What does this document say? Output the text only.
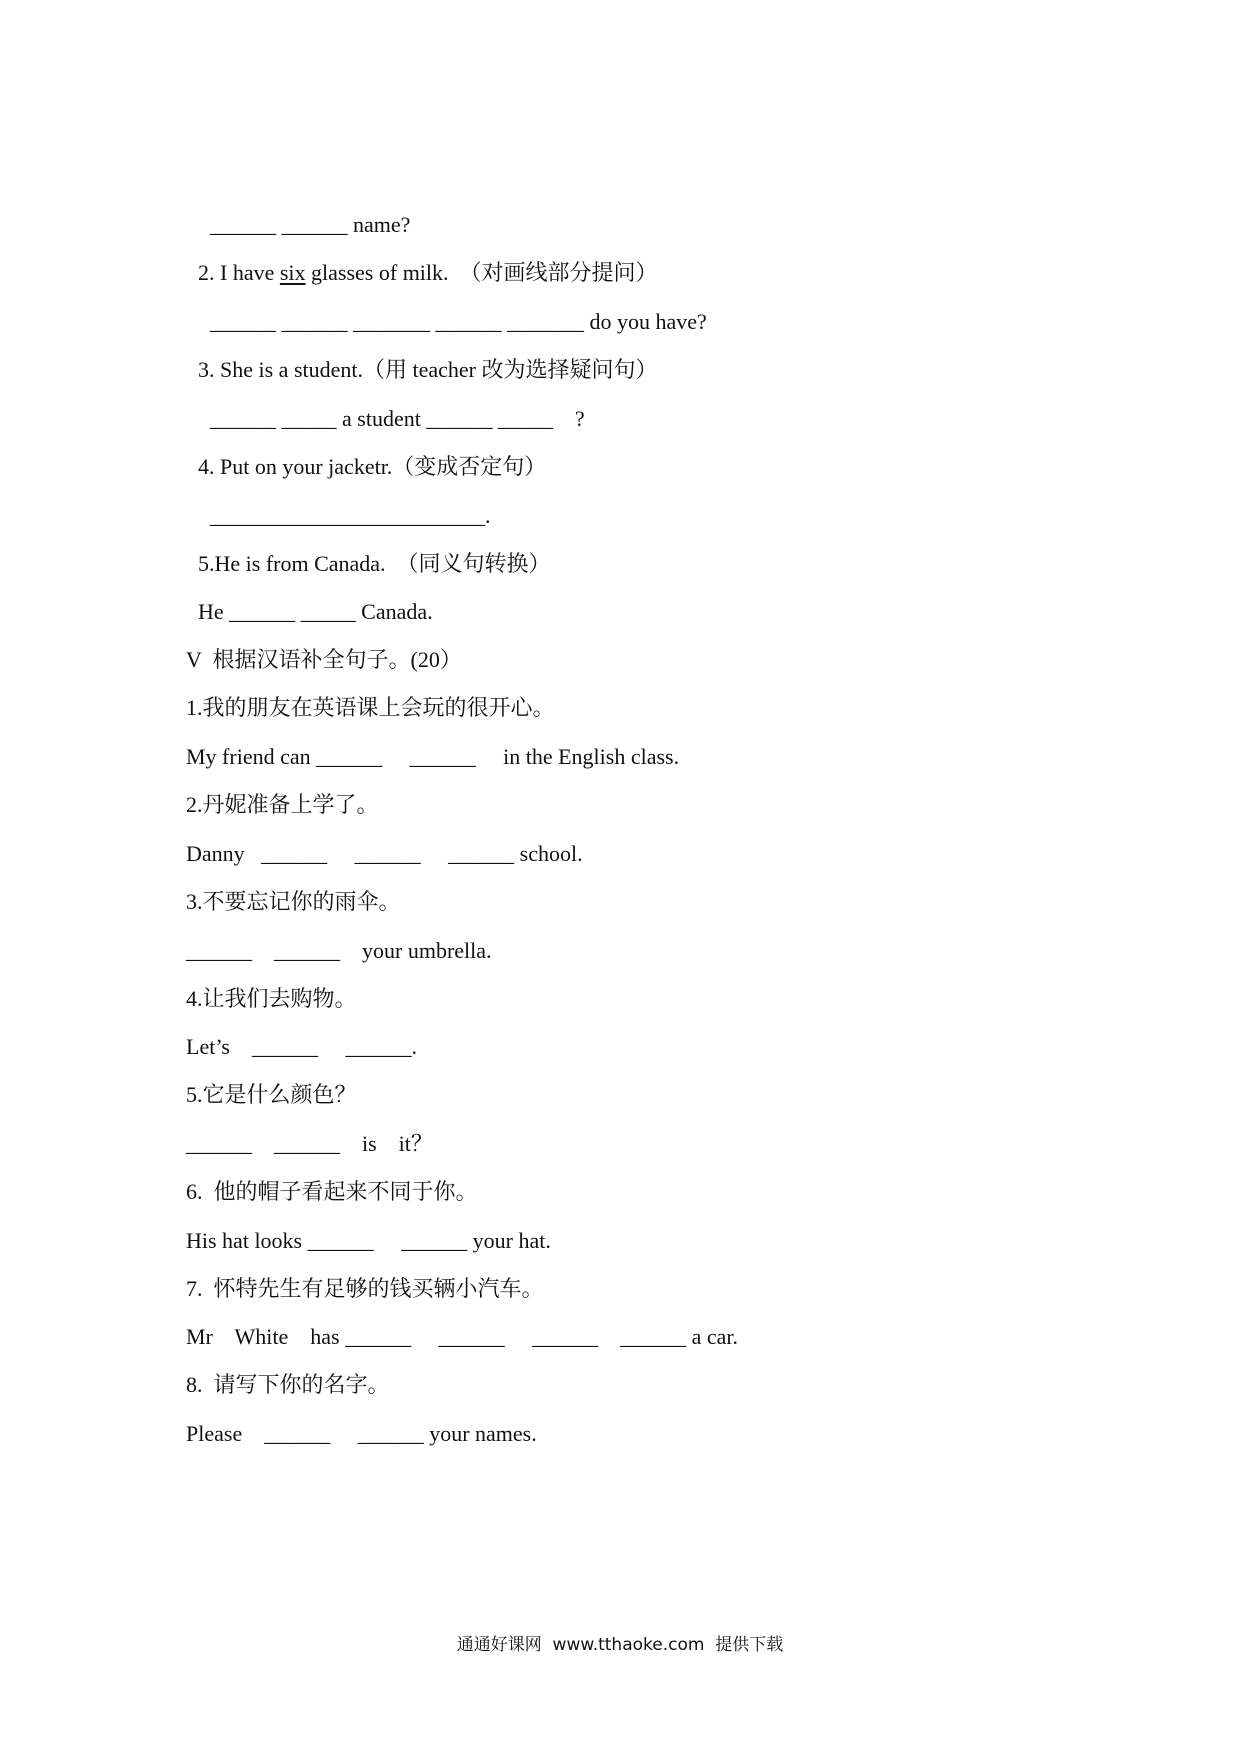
______ ______ name?
2. I have six glasses of milk.  （对画线部分提问）
______ ______ _______ ______ _______ do you have?
3. She is a student.（用 teacher 改为选择疑问句）
______ _____ a student ______ _____    ?
4. Put on your jacketr.（变成否定句）
_________________________.
5.He is from Canada.  （同义句转换）
He ______ _____ Canada.
V  根据汉语补全句子。(20）
1.我的朋友在英语课上会玩的很开心。
My friend can ______     ______     in the English class.
2.丹妮准备上学了。
Danny   ______     ______     ______ school.
3.不要忘记你的雨伞。
______    ______    your umbrella.
4.让我们去购物。
Let’s    ______     ______.
5.它是什么颜色？
______    ______    is    it？
6.  他的帽子看起来不同于你。
His hat looks ______     ______ your hat.
7.  怀特先生有足够的钱买辆小汽车。
Mr    White    has ______     ______     ______    ______ a car.
8.  请写下你的名字。
Please    ______     ______ your names.
通通好课网  www.tthaoke.com  提供下载
